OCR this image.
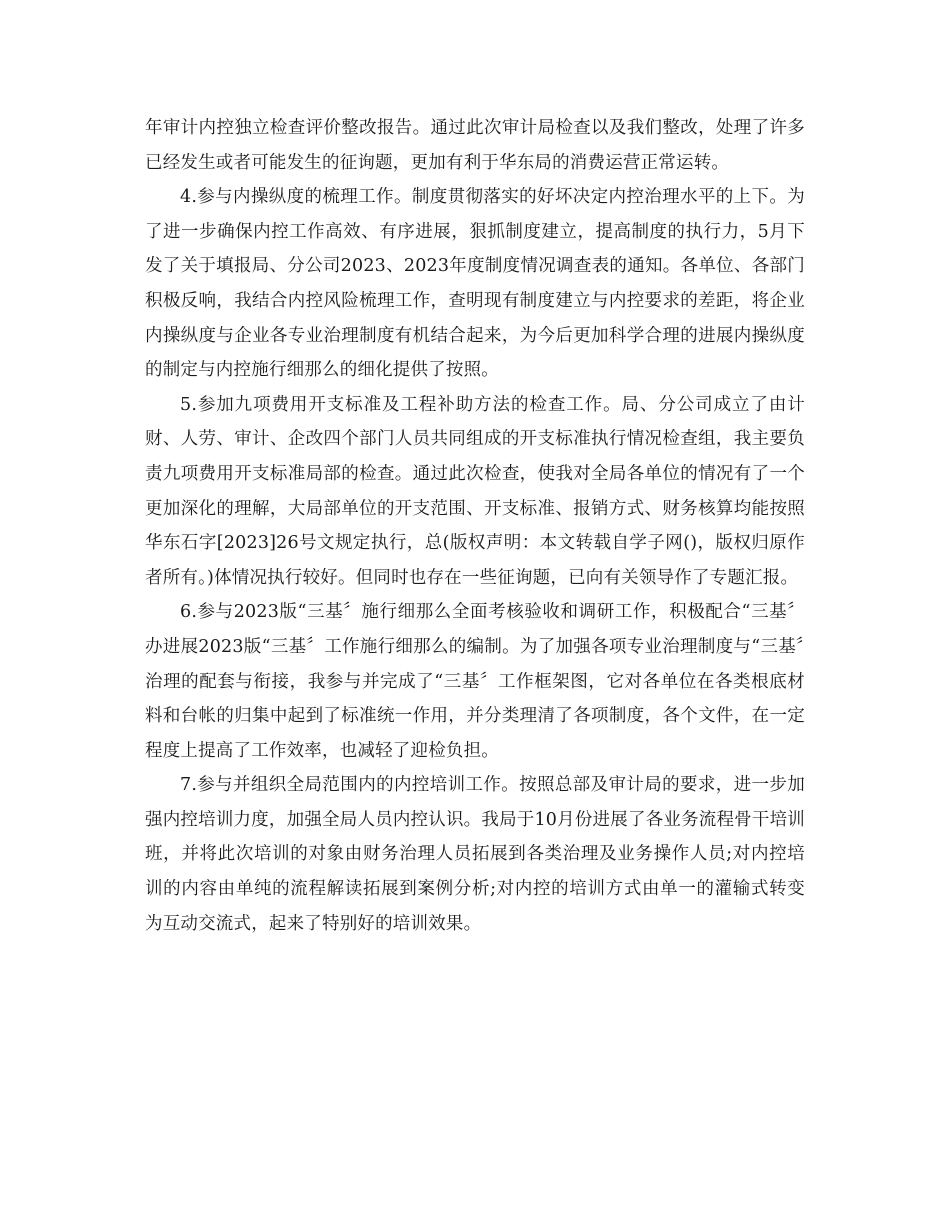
年审计内控独立检查评价整改报告。通过此次审计局检查以及我们整改，处理了许多已经发生或者可能发生的征询题，更加有利于华东局的消费运营正常运转。

4.参与内操纵度的梳理工作。制度贯彻落实的好坏决定内控治理水平的上下。为了进一步确保内控工作高效、有序进展，狠抓制度建立，提高制度的执行力，5月下发了关于填报局、分公司2023、2023年度制度情况调查表的通知。各单位、各部门积极反响，我结合内控风险梳理工作，查明现有制度建立与内控要求的差距，将企业内操纵度与企业各专业治理制度有机结合起来，为今后更加科学合理的进展内操纵度的制定与内控施行细那么的细化提供了按照。

5.参加九项费用开支标准及工程补助方法的检查工作。局、分公司成立了由计财、人劳、审计、企改四个部门人员共同组成的开支标准执行情况检查组，我主要负责九项费用开支标准局部的检查。通过此次检查，使我对全局各单位的情况有了一个更加深化的理解，大局部单位的开支范围、开支标准、报销方式、财务核算均能按照华东石字[2023]26号文规定执行，总(版权声明：本文转载自学子网()，版权归原作者所有。)体情况执行较好。但同时也存在一些征询题，已向有关领导作了专题汇报。

6.参与2023版“三基〞施行细那么全面考核验收和调研工作，积极配合“三基〞办进展2023版“三基〞工作施行细那么的编制。为了加强各项专业治理制度与“三基〞治理的配套与衔接，我参与并完成了“三基〞工作框架图，它对各单位在各类根底材料和台帐的归集中起到了标准统一作用，并分类理清了各项制度，各个文件，在一定程度上提高了工作效率，也减轻了迎检负担。

7.参与并组织全局范围内的内控培训工作。按照总部及审计局的要求，进一步加强内控培训力度，加强全局人员内控认识。我局于10月份进展了各业务流程骨干培训班，并将此次培训的对象由财务治理人员拓展到各类治理及业务操作人员;对内控培训的内容由单纯的流程解读拓展到案例分析;对内控的培训方式由单一的灌输式转变为互动交流式，起来了特别好的培训效果。
